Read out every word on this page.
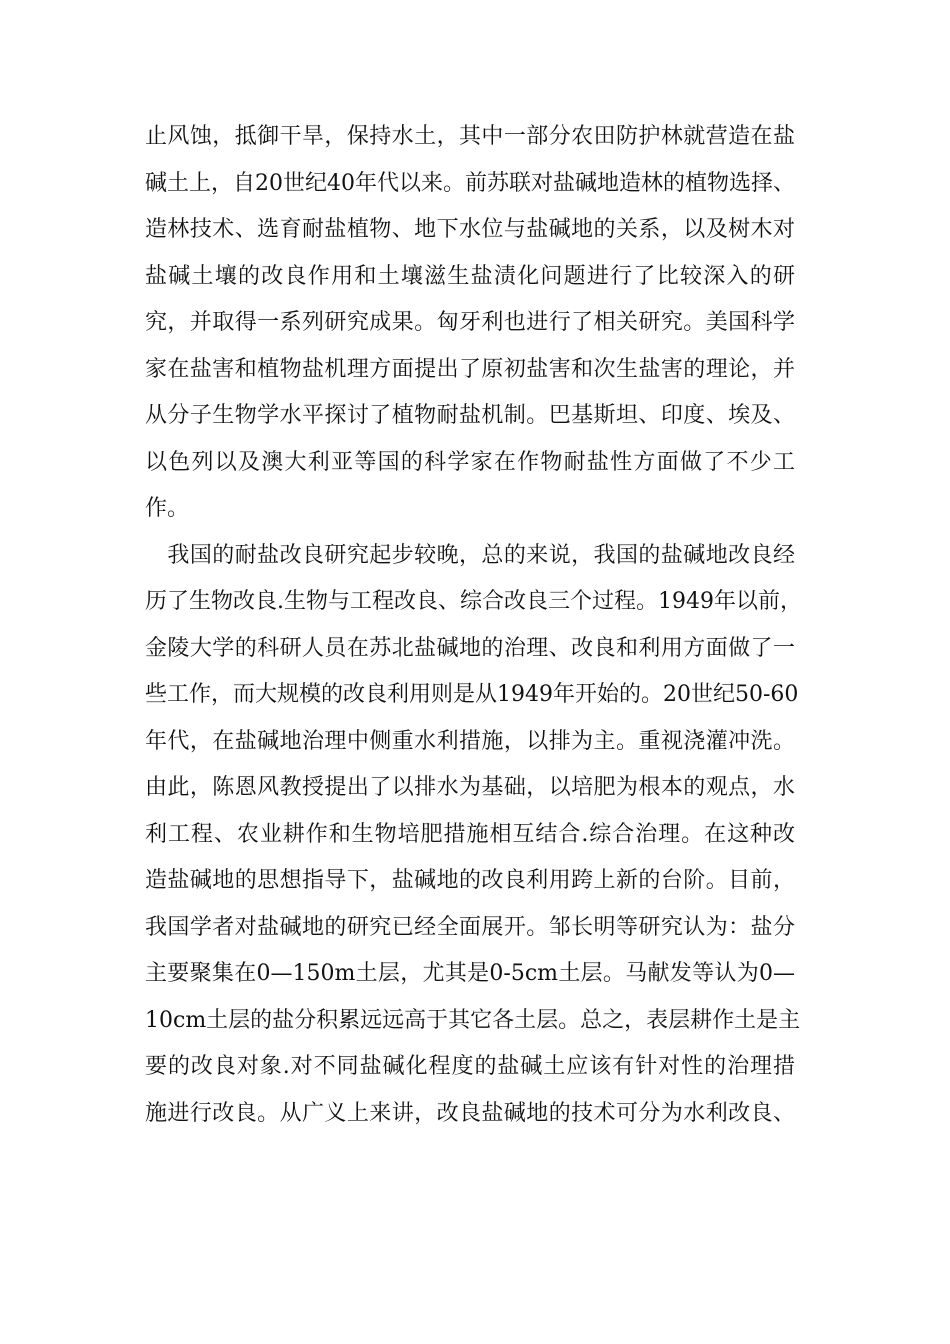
止风蚀，抵御干旱，保持水土，其中一部分农田防护林就营造在盐
碱土上，自20世纪40年代以来。前苏联对盐碱地造林的植物选择、
造林技术、选育耐盐植物、地下水位与盐碱地的关系，以及树木对
盐碱土壤的改良作用和土壤滋生盐渍化问题进行了比较深入的研
究，并取得一系列研究成果。匈牙利也进行了相关研究。美国科学
家在盐害和植物盐机理方面提出了原初盐害和次生盐害的理论，并
从分子生物学水平探讨了植物耐盐机制。巴基斯坦、印度、埃及、
以色列以及澳大利亚等国的科学家在作物耐盐性方面做了不少工
作。
　我国的耐盐改良研究起步较晚，总的来说，我国的盐碱地改良经
历了生物改良.生物与工程改良、综合改良三个过程。1949年以前，
金陵大学的科研人员在苏北盐碱地的治理、改良和利用方面做了一
些工作，而大规模的改良利用则是从1949年开始的。20世纪50-60
年代，在盐碱地治理中侧重水利措施，以排为主。重视浇灌冲洗。
由此，陈恩风教授提出了以排水为基础，以培肥为根本的观点，水
利工程、农业耕作和生物培肥措施相互结合.综合治理。在这种改
造盐碱地的思想指导下，盐碱地的改良利用跨上新的台阶。目前，
我国学者对盐碱地的研究已经全面展开。邹长明等研究认为：盐分
主要聚集在0—150m土层，尤其是0-5cm土层。马献发等认为0—
10cm土层的盐分积累远远高于其它各土层。总之，表层耕作土是主
要的改良对象.对不同盐碱化程度的盐碱土应该有针对性的治理措
施进行改良。从广义上来讲，改良盐碱地的技术可分为水利改良、
